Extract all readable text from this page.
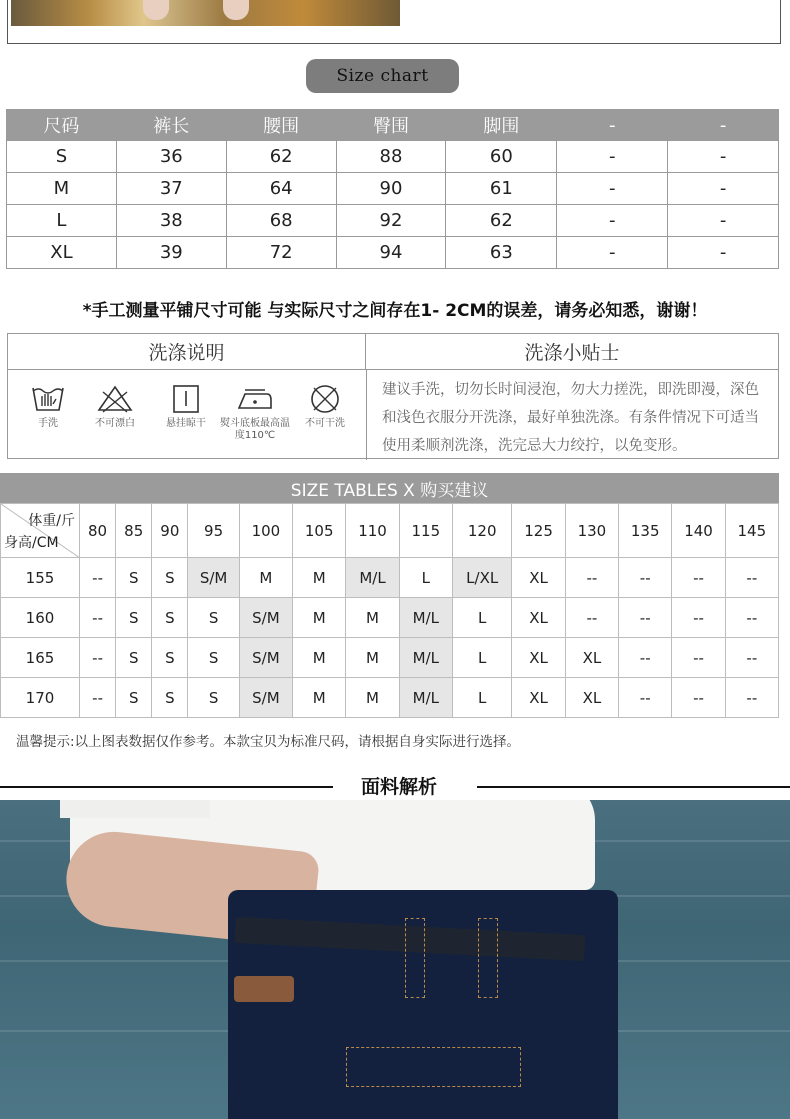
Size chart
尺码	裤长	腰围	臀围	脚围	-	-
S	36	62	88	60	-	-
M	37	64	90	61	-	-
L	38	68	92	62	-	-
XL	39	72	94	63	-	-
*手工测量平铺尺寸可能 与实际尺寸之间存在1- 2CM的误差，请务必知悉，谢谢！
洗涤说明	洗涤小贴士
手洗	不可漂白	悬挂晾干	熨斗底板最高温度110℃
不可干洗
建议手洗，切勿长时间浸泡，勿大力搓洗，即洗即漫，深色和浅色衣服分开洗涤，最好单独洗涤。有条件情况下可适当使用柔顺剂洗涤，洗完忌大力绞拧，以免变形。
SIZE TABLES X 购买建议
体重/斤
身高/CM	80	85	90	95	100	105	110	115	120	125	130	135	140	145
155	--	S	S	S/M	M	M	M/L	L	L/XL	XL	--	--	--	--
160	--	S	S	S	S/M	M	M	M/L	L	XL	--	--	--	--
165	--	S	S	S	S/M	M	M	M/L	L	XL	XL	--	--	--
170	--	S	S	S	S/M	M	M	M/L	L	XL	XL	--	--	--
温馨提示:以上图表数据仅作参考。本款宝贝为标准尺码，请根据自身实际进行选择。
面料解析
